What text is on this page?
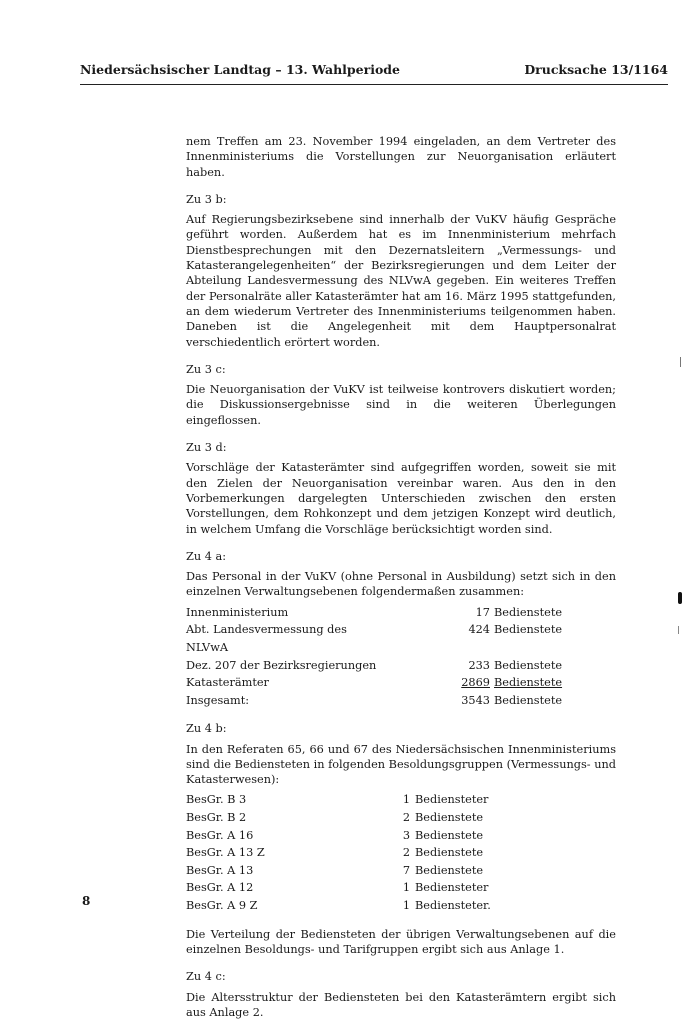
Niedersächsischer Landtag – 13. Wahlperiode	Drucksache 13/1164

nem Treffen am 23. November 1994 eingeladen, an dem Vertreter des Innenministeriums die Vorstellungen zur Neuorganisation erläutert haben.

Zu 3 b:

Auf Regierungsbezirksebene sind innerhalb der VuKV häufig Gespräche geführt worden. Außerdem hat es im Innenministerium mehrfach Dienstbesprechungen mit den Dezernatsleitern „Vermessungs- und Katasterangelegenheiten“ der Bezirksregierungen und dem Leiter der Abteilung Landesvermessung des NLVwA gegeben. Ein weiteres Treffen der Personalräte aller Katasterämter hat am 16. März 1995 stattgefunden, an dem wiederum Vertreter des Innenministeriums teilgenommen haben. Daneben ist die Angelegenheit mit dem Hauptpersonalrat verschiedentlich erörtert worden.

Zu 3 c:

Die Neuorganisation der VuKV ist teilweise kontrovers diskutiert worden; die Diskussionsergebnisse sind in die weiteren Überlegungen eingeflossen.

Zu 3 d:

Vorschläge der Katasterämter sind aufgegriffen worden, soweit sie mit den Zielen der Neuorganisation vereinbar waren. Aus den in den Vorbemerkungen dargelegten Unterschieden zwischen den ersten Vorstellungen, dem Rohkonzept und dem jetzigen Konzept wird deutlich, in welchem Umfang die Vorschläge berücksichtigt worden sind.

Zu 4 a:

Das Personal in der VuKV (ohne Personal in Ausbildung) setzt sich in den einzelnen Verwaltungsebenen folgendermaßen zusammen:

Innenministerium	17	Bedienstete
Abt. Landesvermessung des NLVwA	424	Bedienstete
Dez. 207 der Bezirksregierungen	233	Bedienstete
Katasterämter	2869	Bedienstete
Insgesamt:	3543	Bedienstete
Zu 4 b:

In den Referaten 65, 66 und 67 des Niedersächsischen Innenministeriums sind die Bediensteten in folgenden Besoldungsgruppen (Vermessungs- und Katasterwesen):

BesGr. B 3	1	Bediensteter
BesGr. B 2	2	Bedienstete
BesGr. A 16	3	Bedienstete
BesGr. A 13 Z	2	Bedienstete
BesGr. A 13	7	Bedienstete
BesGr. A 12	1	Bediensteter
BesGr. A 9 Z	1	Bediensteter.

Die Verteilung der Bediensteten der übrigen Verwaltungsebenen auf die einzelnen Besoldungs- und Tarifgruppen ergibt sich aus Anlage 1.

Zu 4 c:

Die Altersstruktur der Bediensteten bei den Katasterämtern ergibt sich aus Anlage 2.

8
